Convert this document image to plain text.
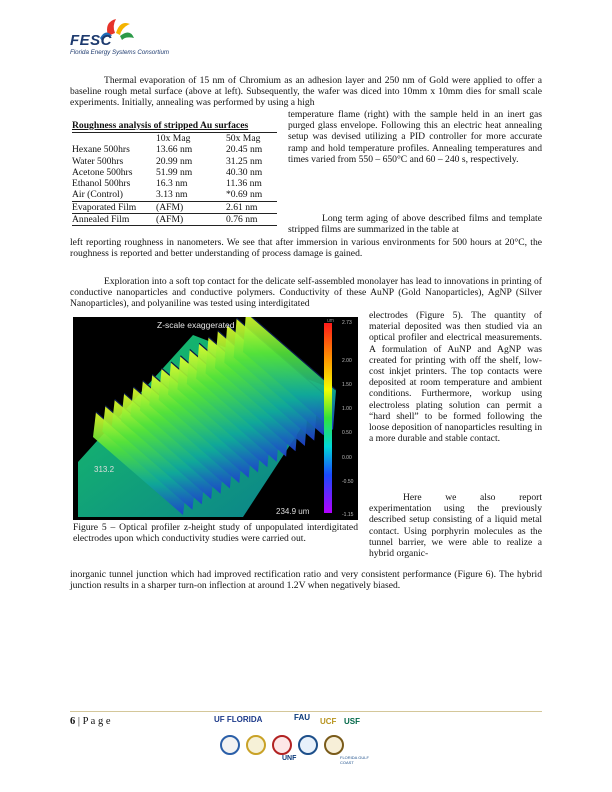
FESC
Florida Energy Systems Consortium
Thermal evaporation of 15 nm of Chromium as an adhesion layer and 250 nm of Gold were applied to offer a baseline rough metal surface (above at left). Subsequently, the wafer was diced into 10mm x 10mm dies for small scale experiments. Initially, annealing was performed by using a high
temperature flame (right) with the sample held in an inert gas purged glass envelope. Following this an electric heat annealing setup was devised utilizing a PID controller for more accurate ramp and hold temperature profiles. Annealing temperatures and times varied from 550 – 650°C and 60 – 240 s, respectively.
Long term aging of above described films and template stripped films are summarized in the table at
left reporting roughness in nanometers. We see that after immersion in various environments for 500 hours at 20°C, the roughness is reported and better understanding of process damage is gained.
Roughness analysis of stripped Au surfaces
10x Mag	50x Mag
Hexane 500hrs	13.66 nm	20.45 nm
Water 500hrs	20.99 nm	31.25 nm
Acetone 500hrs	51.99 nm	40.30 nm
Ethanol 500hrs	16.3 nm	11.36 nm
Air (Control)	3.13 nm	*0.69 nm
Evaporated Film	(AFM)	2.61 nm
Annealed Film	(AFM)	0.76 nm
Exploration into a soft top contact for the delicate self-assembled monolayer has lead to innovations in printing of conductive nanoparticles and conductive polymers. Conductivity of these AuNP (Gold Nanoparticles), AgNP (Silver Nanoparticles), and polyaniline was tested using interdigitated
electrodes (Figure 5). The quantity of material deposited was then studied via an optical profiler and electrical measurements. A formulation of AuNP and AgNP was created for printing with off the shelf, low-cost inkjet printers. The top contacts were deposited at room temperature and ambient conditions. Furthermore, workup using electroless plating solution can permit a “hard shell” to be formed following the loose deposition of nanoparticles resulting in a more durable and stable contact.
Here we also report experimentation using the previously described setup consisting of a liquid metal contact. Using porphyrin molecules as the tunnel barrier, we were able to realize a hybrid organic-
inorganic tunnel junction which had improved rectification ratio and very consistent performance (Figure 6). The hybrid junction results in a sharper turn-on inflection at around 1.2V when negatively biased.
um
Z-scale exaggerated
313.2
234.9 um
2.73
2.00
1.50
1.00
0.50
0.00
-0.50
-1.15
Figure 5 – Optical profiler z-height study of unpopulated interdigitated electrodes upon which conductivity studies were carried out.
6 | P a g e	UF FLORIDA	FAU UCF USF
UNF	FLORIDA GULF COAST
